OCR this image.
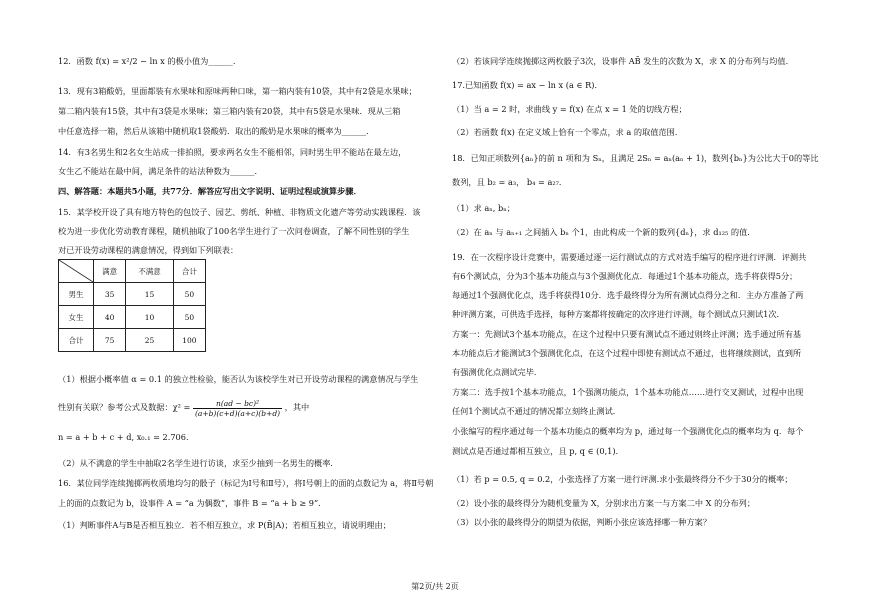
12．函数 f(x) = x²/2 − ln x 的极小值为______.
13．现有3箱酸奶，里面都装有水果味和原味两种口味，第一箱内装有10袋，其中有2袋是水果味；
第二箱内装有15袋，其中有3袋是水果味；第三箱内装有20袋，其中有5袋是水果味．现从三箱
中任意选择一箱，然后从该箱中随机取1袋酸奶．取出的酸奶是水果味的概率为______．
14．有3名男生和2名女生站成一排拍照，要求两名女生不能相邻，同时男生甲不能站在最左边，
女生乙不能站在最中间，满足条件的站法种数为______．
四、解答题：本题共5小题，共77分．解答应写出文字说明、证明过程或演算步骤．
15．某学校开设了具有地方特色的包饺子、园艺、剪纸、种植、非物质文化遗产等劳动实践课程．该
校为进一步优化劳动教育课程，随机抽取了100名学生进行了一次问卷调查，了解不同性别的学生
对已开设劳动课程的满意情况，得到如下列联表：
	满意	不满意	合计
男生	35	15	50
女生	40	10	50
合计	75	25	100
（1）根据小概率值 α = 0.1 的独立性检验，能否认为该校学生对已开设劳动课程的满意情况与学生
性别有关联？参考公式及数据：$\chi^2 = \frac{\text{n(ad − bc)²}}{(a+b)(c+d)(a+c)(b+d)}$ ，其中
n = a + b + c + d, x₀.₁ = 2.706．
（2）从不满意的学生中抽取2名学生进行访谈，求至少抽到一名男生的概率．
16．某位同学连续抛掷两枚质地均匀的骰子（标记为Ⅰ号和Ⅱ号），将Ⅰ号朝上的面的点数记为 a，将Ⅱ号朝
上的面的点数记为 b，设事件 A = “a 为偶数”，事件 B = “a + b ≥ 9”．
（1）判断事件A与B是否相互独立．若不相互独立，求 P(B̄|A)；若相互独立，请说明理由；
（2）若该同学连续抛掷这两枚骰子3次，设事件 AB̄ 发生的次数为 X，求 X 的分布列与均值．
17.已知函数 f(x) = ax − ln x (a ∈ R)．
（1）当 a = 2 时，求曲线 y = f(x) 在点 x = 1 处的切线方程；
（2）若函数 f(x) 在定义域上恰有一个零点，求 a 的取值范围．
18．已知正项数列{aₙ}的前 n 项和为 Sₙ，且满足 2Sₙ = aₙ(aₙ + 1)，数列{bₙ}为公比大于0的等比
数列，且 b₂ = a₃， b₄ = a₂₇．
（1）求 aₙ, bₙ；
（2）在 aₙ 与 aₙ₊₁ 之间插入 bₙ 个1，由此构成一个新的数列{dₙ}，求 d₁₂₅ 的值．
19．在一次程序设计竞赛中，需要通过逐一运行测试点的方式对选手编写的程序进行评测．评测共
有6个测试点，分为3个基本功能点与3个强测优化点．每通过1个基本功能点，选手将获得5分；
每通过1个强测优化点，选手将获得10分．选手最终得分为所有测试点得分之和．主办方准备了两
种评测方案，可供选手选择，每种方案都将按确定的次序进行评测，每个测试点只测试1次．
方案一：先测试3个基本功能点，在这个过程中只要有测试点不通过则终止评测；选手通过所有基
本功能点后才能测试3个强测优化点，在这个过程中即使有测试点不通过，也将继续测试，直到所
有强测优化点测试完毕．
方案二：选手按1个基本功能点，1个强测功能点，1个基本功能点……进行交叉测试，过程中出现
任何1个测试点不通过的情况都立刻终止测试．
小张编写的程序通过每一个基本功能点的概率均为 p，通过每一个强测优化点的概率均为 q．每个
测试点是否通过都相互独立，且 p, q ∈ (0,1)．
（1）若 p = 0.5, q = 0.2，小张选择了方案一进行评测.求小张最终得分不少于30分的概率；
（2）设小张的最终得分为随机变量为 X，分别求出方案一与方案二中 X 的分布列；
（3）以小张的最终得分的期望为依据，判断小张应该选择哪一种方案？
第2页/共 2页
